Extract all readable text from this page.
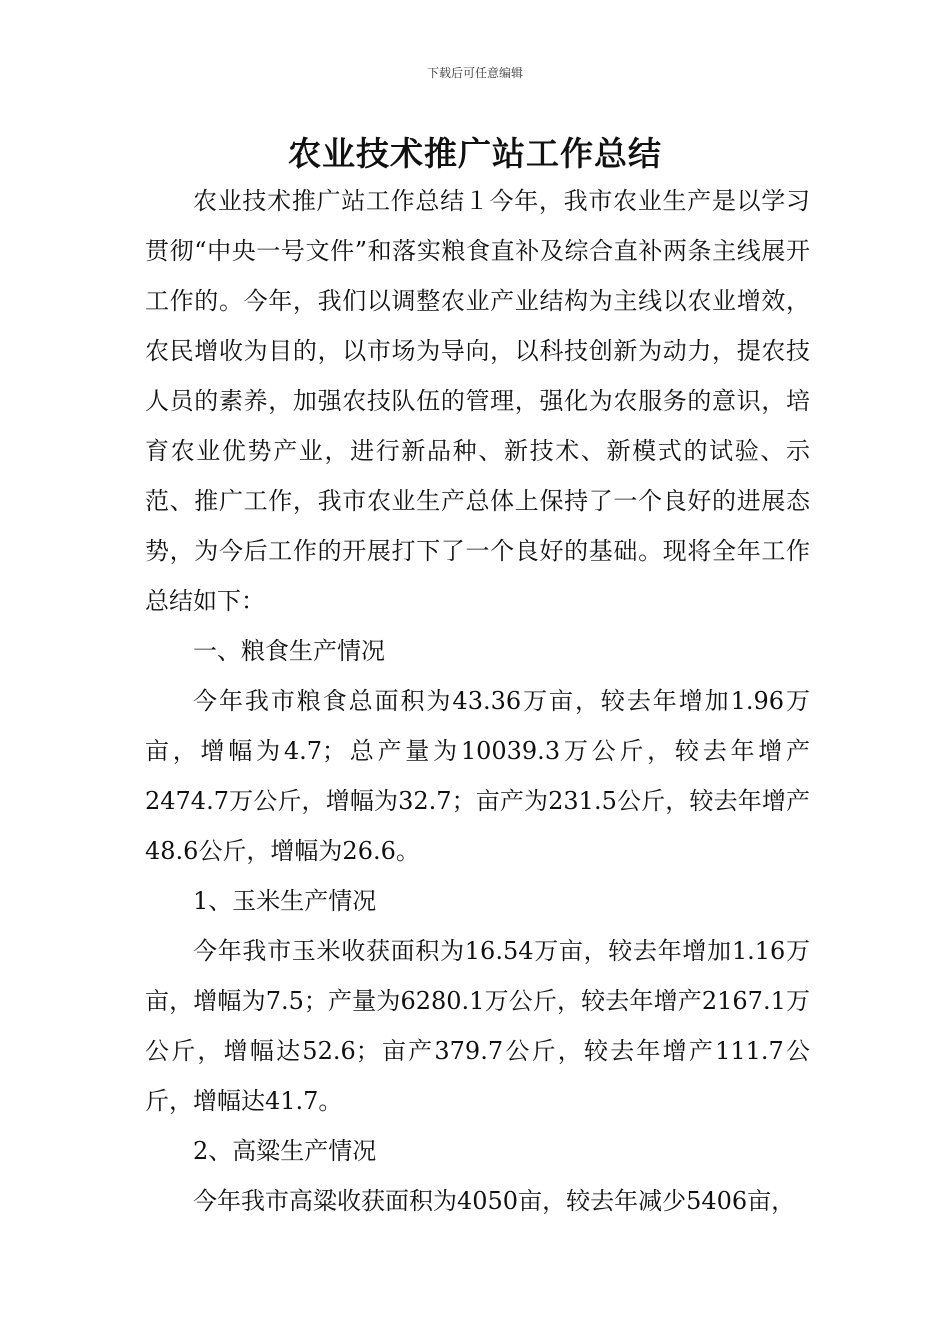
下载后可任意编辑
农业技术推广站工作总结

农业技术推广站工作总结１今年，我市农业生产是以学习贯彻“中央一号文件”和落实粮食直补及综合直补两条主线展开工作的。今年，我们以调整农业产业结构为主线以农业增效，农民增收为目的，以市场为导向，以科技创新为动力，提农技人员的素养，加强农技队伍的管理，强化为农服务的意识，培育农业优势产业，进行新品种、新技术、新模式的试验、示范、推广工作，我市农业生产总体上保持了一个良好的进展态势，为今后工作的开展打下了一个良好的基础。现将全年工作总结如下：

一、粮食生产情况

今年我市粮食总面积为43.36万亩，较去年增加1.96万亩，增幅为4.7；总产量为10039.3万公斤，较去年增产2474.7万公斤，增幅为32.7；亩产为231.5公斤，较去年增产48.6公斤，增幅为26.6。

1、玉米生产情况

今年我市玉米收获面积为16.54万亩，较去年增加1.16万亩，增幅为7.5；产量为6280.1万公斤，较去年增产2167.1万公斤，增幅达52.6；亩产379.7公斤，较去年增产111.7公斤，增幅达41.7。

2、高粱生产情况

今年我市高粱收获面积为4050亩，较去年减少5406亩，
